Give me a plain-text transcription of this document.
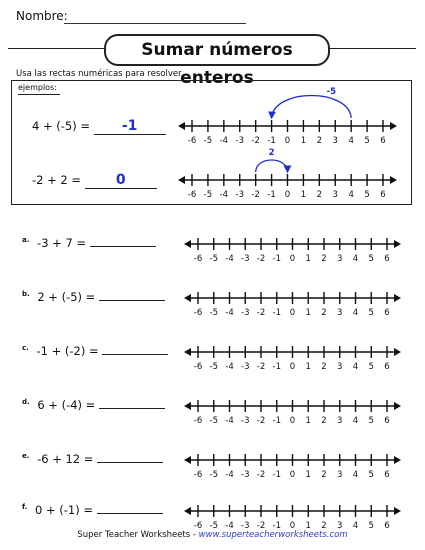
Nombre:
Sumar números enteros
Usa las rectas numéricas para resolver.
ejemplos:
4 + (-5) = -1
-2 + 2 = 0
$^{a.}$ -3 + 7 =
$^{b.}$ 2 + (-5) =
$^{c.}$ -1 + (-2) =
$^{d.}$ 6 + (-4) =
$^{e.}$ -6 + 12 =
$^{f.}$ 0 + (-1) =
-6 -5 -4 -3 -2 -1 0 1 2 3 4 5 6
-5
-6 -5 -4 -3 -2 -1 0 1 2 3 4 5 6
2
-6 -5 -4 -3 -2 -1 0 1 2 3 4 5 6
-6 -5 -4 -3 -2 -1 0 1 2 3 4 5 6
-6 -5 -4 -3 -2 -1 0 1 2 3 4 5 6
-6 -5 -4 -3 -2 -1 0 1 2 3 4 5 6
-6 -5 -4 -3 -2 -1 0 1 2 3 4 5 6
-6 -5 -4 -3 -2 -1 0 1 2 3 4 5 6
Super Teacher Worksheets - www.superteacherworksheets.com
